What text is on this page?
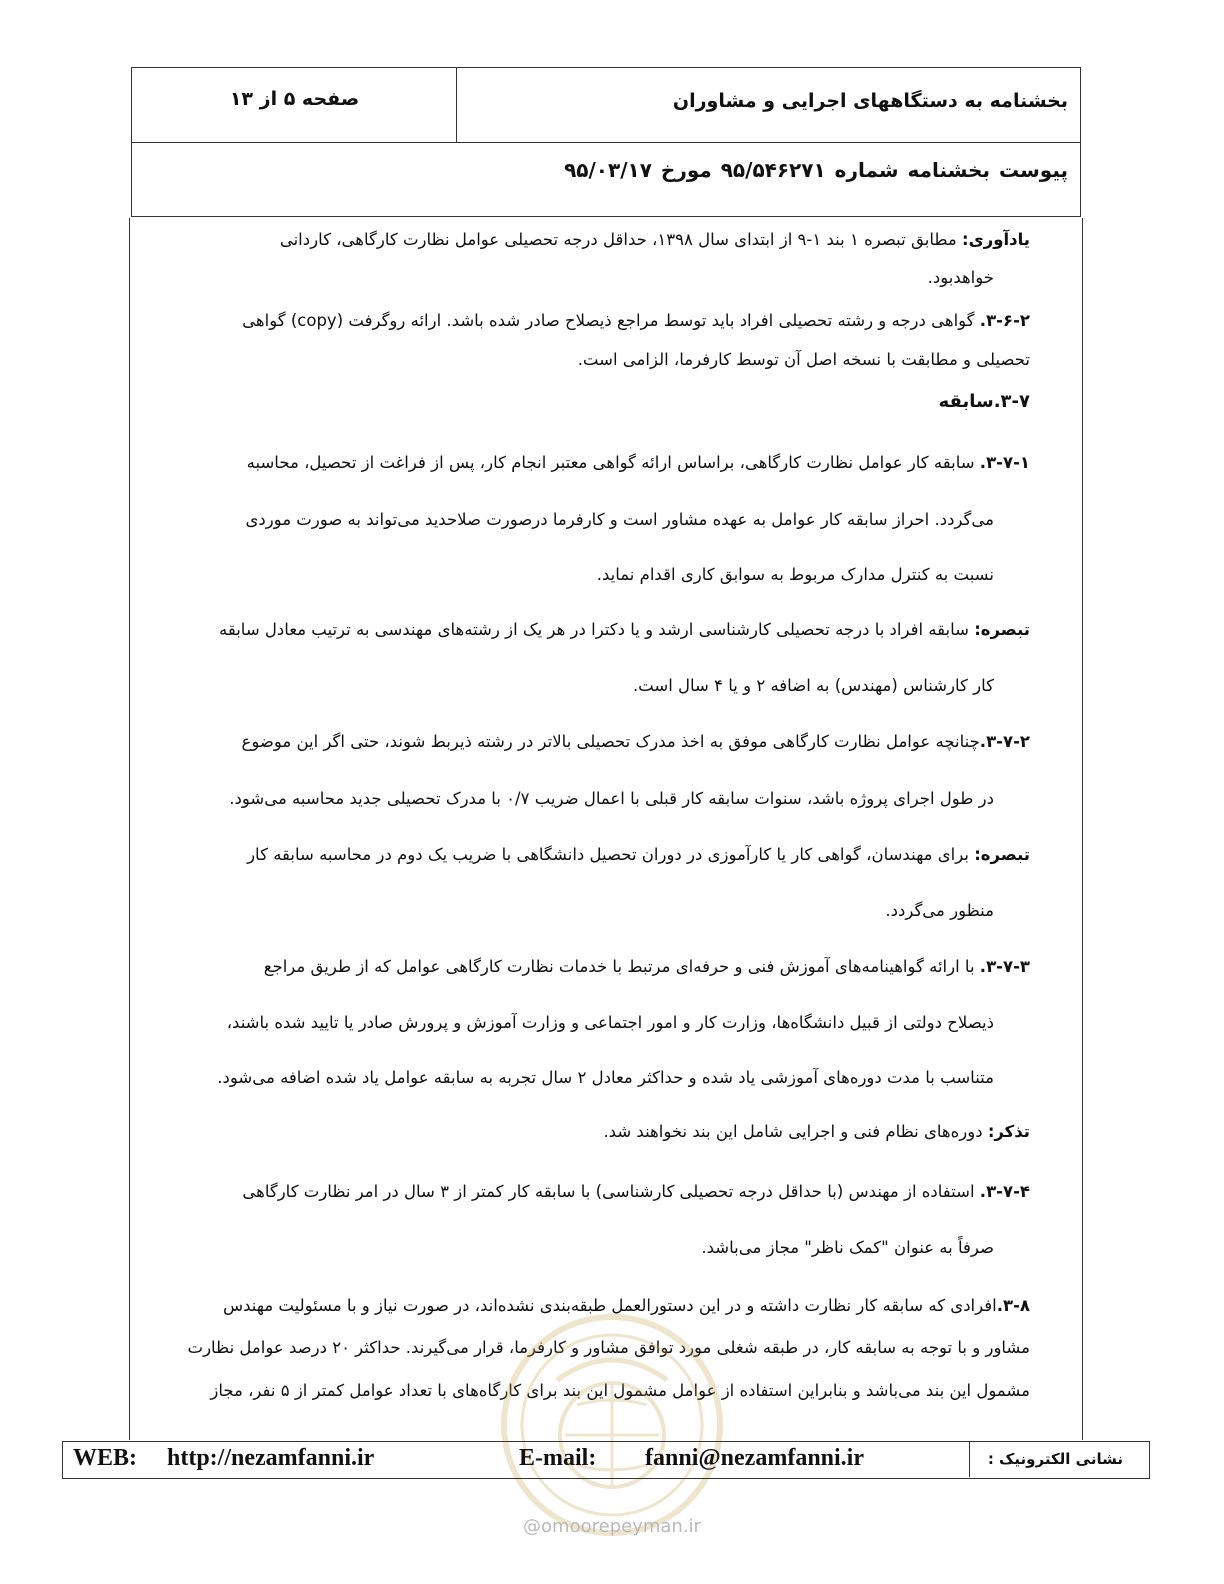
بخشنامه به دستگاههای اجرایی و مشاوران
صفحه ۵ از ۱۳
پیوست بخشنامه شماره ۹۵/۵۴۶۲۷۱ مورخ ۹۵/۰۳/۱۷
یادآوری: مطابق تبصره ۱ بند ۱-۹ از ابتدای سال ۱۳۹۸، حداقل درجه تحصیلی عوامل نظارت کارگاهی، کاردانی
خواهدبود.
۳-۶-۲. گواهی درجه و رشته تحصیلی افراد باید توسط مراجع ذیصلاح صادر شده باشد. ارائه روگرفت (copy) گواهی
تحصیلی و مطابقت با نسخه اصل آن توسط کارفرما، الزامی است.
۳-۷.سابقه
۳-۷-۱. سابقه کار عوامل نظارت کارگاهی، براساس ارائه گواهی معتبر انجام کار، پس از فراغت از تحصیل، محاسبه
می‌گردد. احراز سابقه کار عوامل به عهده مشاور است و کارفرما درصورت صلاحدید می‌تواند به صورت موردی
نسبت به کنترل مدارک مربوط به سوابق کاری اقدام نماید.
تبصره: سابقه افراد با درجه تحصیلی کارشناسی ارشد و یا دکترا در هر یک از رشته‌های مهندسی به ترتیب معادل سابقه
کار کارشناس (مهندس) به اضافه ۲ و یا ۴ سال است.
۳-۷-۲.چنانچه عوامل نظارت کارگاهی موفق به اخذ مدرک تحصیلی بالاتر در رشته ذیربط شوند، حتی اگر این موضوع
در طول اجرای پروژه باشد، سنوات سابقه کار قبلی با اعمال ضریب ۰/۷ با مدرک تحصیلی جدید محاسبه می‌شود.
تبصره: برای مهندسان، گواهی کار یا کارآموزی در دوران تحصیل دانشگاهی با ضریب یک دوم در محاسبه سابقه کار
منظور می‌گردد.
۳-۷-۳. با ارائه گواهینامه‌های آموزش فنی و حرفه‌ای مرتبط با خدمات نظارت کارگاهی عوامل که از طریق مراجع
ذیصلاح دولتی از قبیل دانشگاه‌ها، وزارت کار و امور اجتماعی و وزارت آموزش و پرورش صادر یا تایید شده باشند،
متناسب با مدت دوره‌های آموزشی یاد شده و حداکثر معادل ۲ سال تجربه به سابقه عوامل یاد شده اضافه می‌شود.
تذکر: دوره‌های نظام فنی و اجرایی شامل این بند نخواهند شد.
۳-۷-۴. استفاده از مهندس (با حداقل درجه تحصیلی کارشناسی) با سابقه کار کمتر از ۳ سال در امر نظارت کارگاهی
صرفاً به عنوان "کمک ناظر" مجاز می‌باشد.
۳-۸.افرادی که سابقه کار نظارت داشته و در این دستورالعمل طبقه‌بندی نشده‌اند، در صورت نیاز و با مسئولیت مهندس
مشاور و با توجه به سابقه کار، در طبقه شغلی مورد توافق مشاور و کارفرما، قرار می‌گیرند. حداکثر ۲۰ درصد عوامل نظارت
مشمول این بند می‌باشد و بنابراین استفاده از عوامل مشمول این بند برای کارگاه‌های با تعداد عوامل کمتر از ۵ نفر، مجاز
@omoorepeyman.ir
نشانی الکترونیک :
WEB: http://nezamfanni.ir	E-mail: fanni@nezamfanni.ir
